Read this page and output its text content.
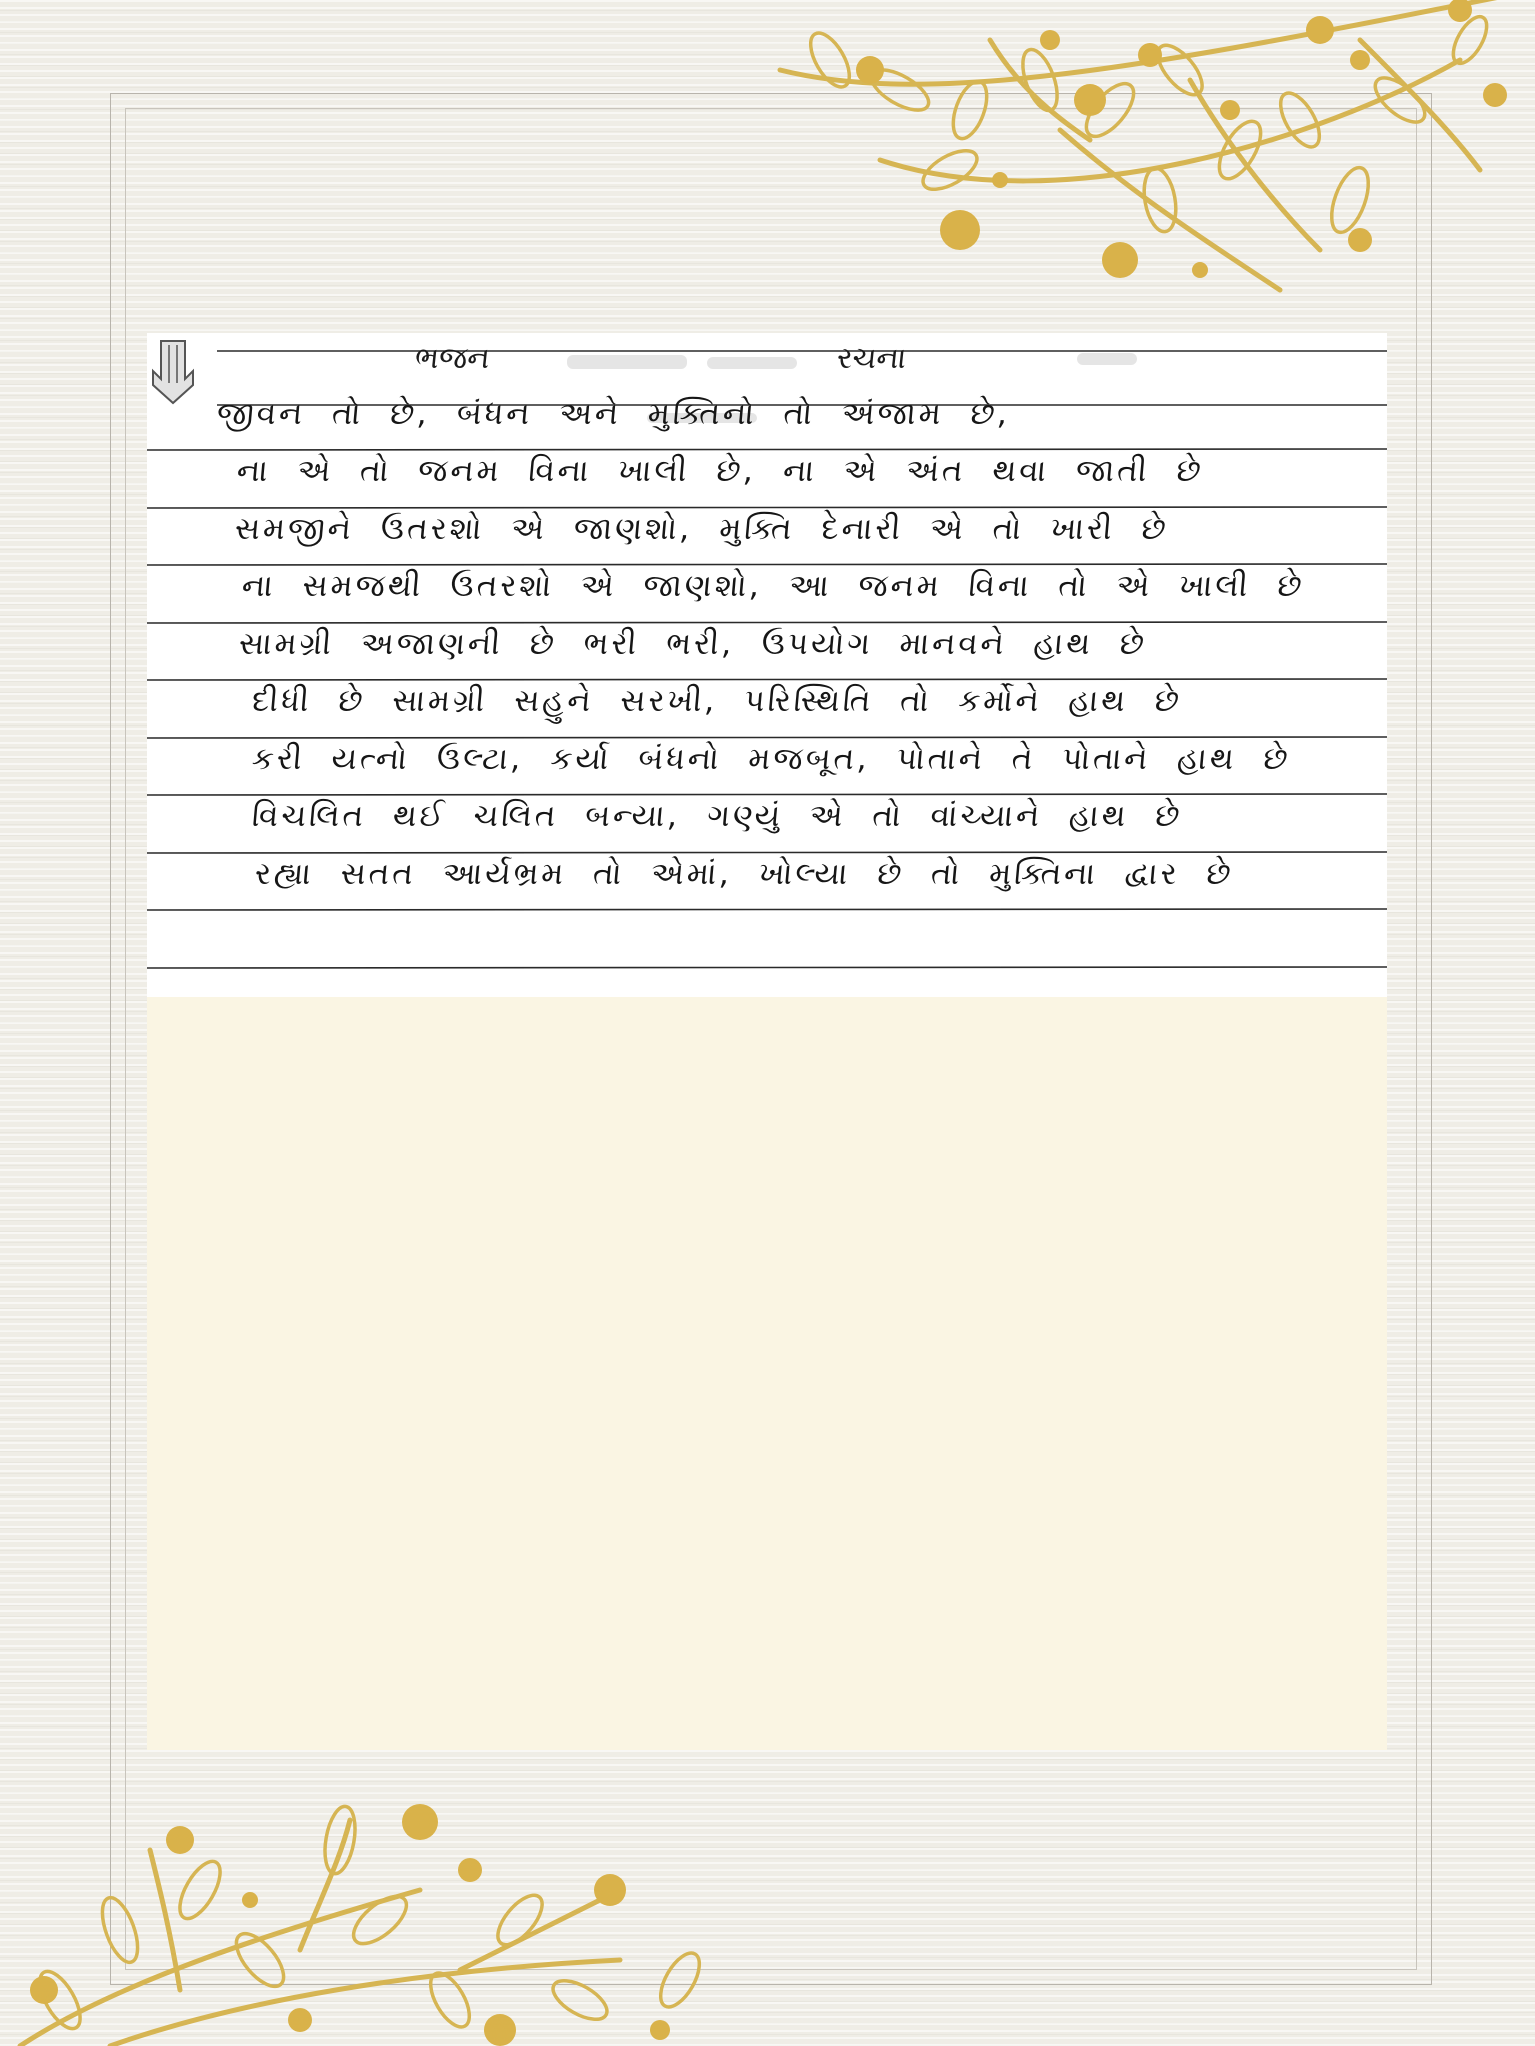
ભજન	રચના
જીવન તો છે, બંધન અને મુક્તિનો તો અંજામ છે,
ના એ તો જનમ વિના ખાલી છે, ના એ અંત થવા જાતી છે
સમજીને ઉતરશો એ જાણશો, મુક્તિ દેનારી એ તો ખારી છે
ના સમજથી ઉતરશો એ જાણશો, આ જનમ વિના તો એ ખાલી છે
સામગ્રી અજાણની છે ભરી ભરી, ઉપયોગ માનવને હાથ છે
દીધી છે સામગ્રી સહુને સરખી, પરિસ્થિતિ તો કર્મોને હાથ છે
કરી યત્નો ઉલ્ટા, કર્યા બંધનો મજબૂત, પોતાને તે પોતાને હાથ છે
વિચલિત થઈ ચલિત બન્યા, ગણ્યું એ તો વાંચ્યાને હાથ છે
રહ્યા સતત આર્યભ્રમ તો એમાં, ખોલ્યા છે તો મુક્તિના દ્વાર છે
